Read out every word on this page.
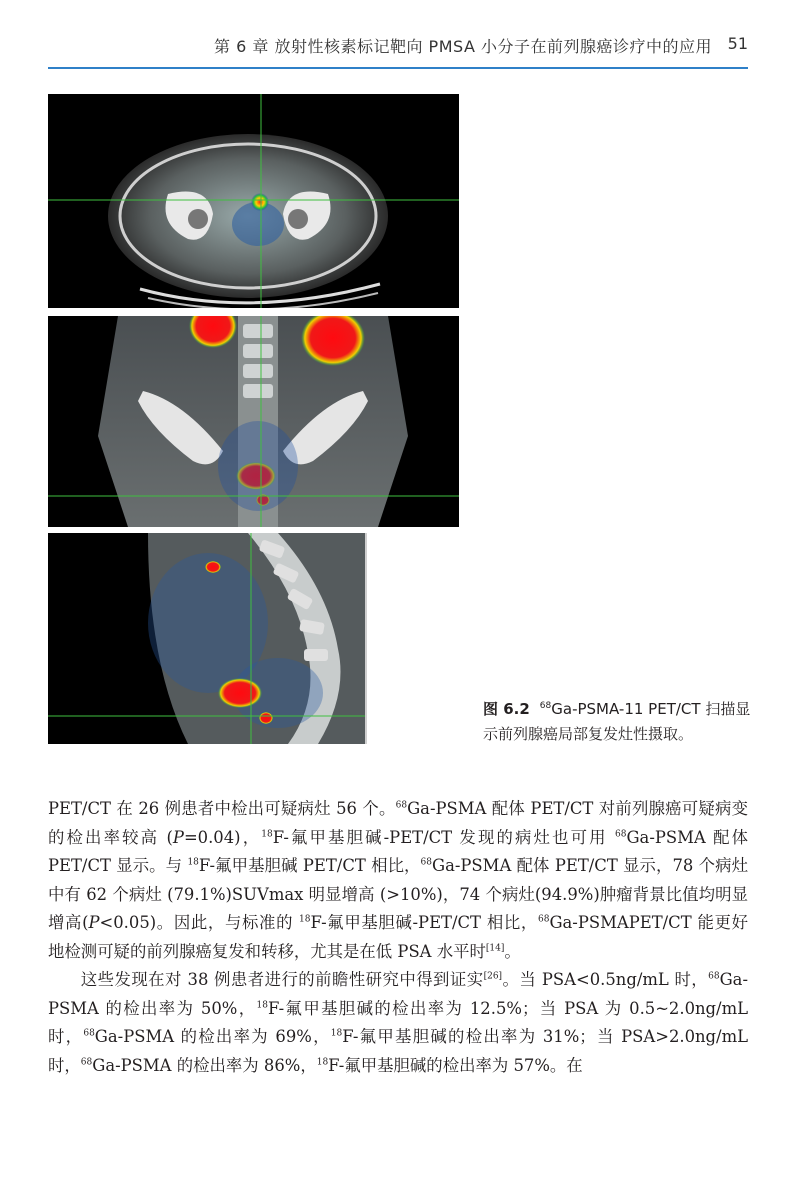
第 6 章 放射性核素标记靶向 PMSA 小分子在前列腺癌诊疗中的应用 51
图 6.2 $^{68}$Ga-PSMA-11 PET/CT 扫描显示前列腺癌局部复发灶性摄取。

PET/CT 在 26 例患者中检出可疑病灶 56 个。$^{68}$Ga-PSMA 配体 PET/CT 对前列腺癌可疑病变的检出率较高 (P=0.04)，$^{18}$F-氟甲基胆碱-PET/CT 发现的病灶也可用 $^{68}$Ga-PSMA 配体 PET/CT 显示。与 $^{18}$F-氟甲基胆碱 PET/CT 相比，$^{68}$Ga-PSMA 配体 PET/CT 显示，78 个病灶中有 62 个病灶 (79.1%)SUVmax 明显增高 (>10%)，74 个病灶(94.9%)肿瘤背景比值均明显增高(P<0.05)。因此，与标准的 $^{18}$F-氟甲基胆碱-PET/CT 相比，$^{68}$Ga-PSMAPET/CT 能更好地检测可疑的前列腺癌复发和转移，尤其是在低 PSA 水平时[14]。

这些发现在对 38 例患者进行的前瞻性研究中得到证实[26]。当 PSA<0.5ng/mL 时，$^{68}$Ga-PSMA 的检出率为 50%，$^{18}$F-氟甲基胆碱的检出率为 12.5%；当 PSA 为 0.5~2.0ng/mL 时，$^{68}$Ga-PSMA 的检出率为 69%，$^{18}$F-氟甲基胆碱的检出率为 31%；当 PSA>2.0ng/mL 时，$^{68}$Ga-PSMA 的检出率为 86%，$^{18}$F-氟甲基胆碱的检出率为 57%。在
